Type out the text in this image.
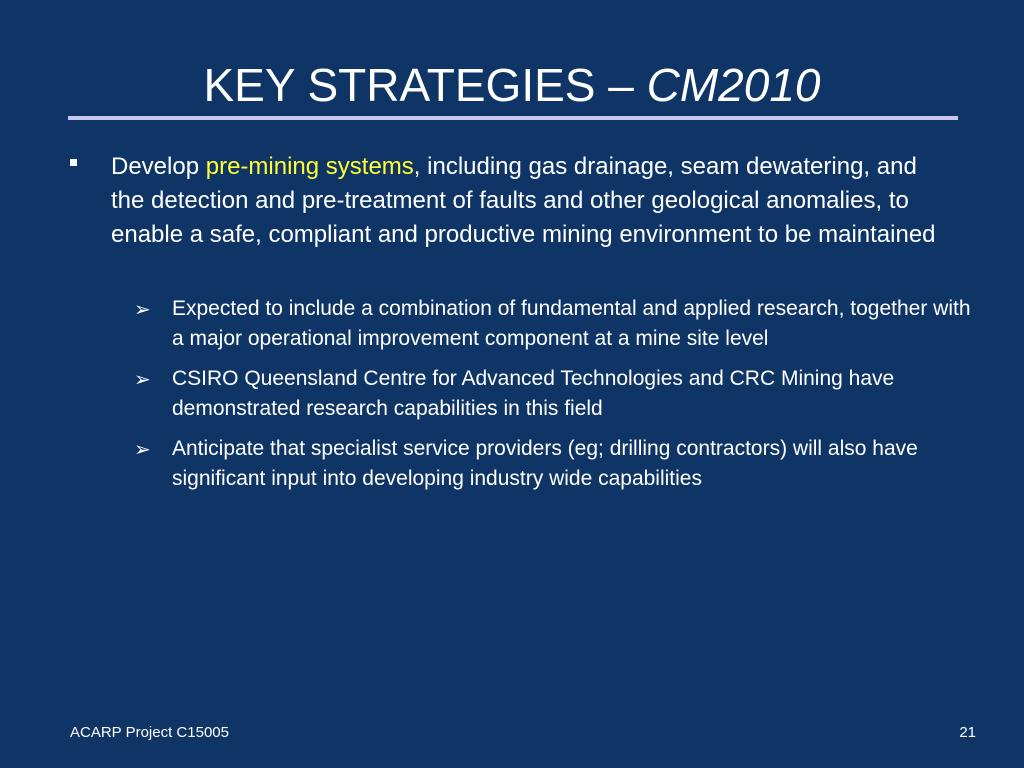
KEY STRATEGIES – CM2010
Develop pre-mining systems, including gas drainage, seam dewatering, and the detection and pre-treatment of faults and other geological anomalies, to enable a safe, compliant and productive mining environment to be maintained
➢ Expected to include a combination of fundamental and applied research, together with a major operational improvement component at a mine site level
➢ CSIRO Queensland Centre for Advanced Technologies and CRC Mining have demonstrated research capabilities in this field
➢ Anticipate that specialist service providers (eg; drilling contractors) will also have significant input into developing industry wide capabilities
ACARP Project C15005	21
